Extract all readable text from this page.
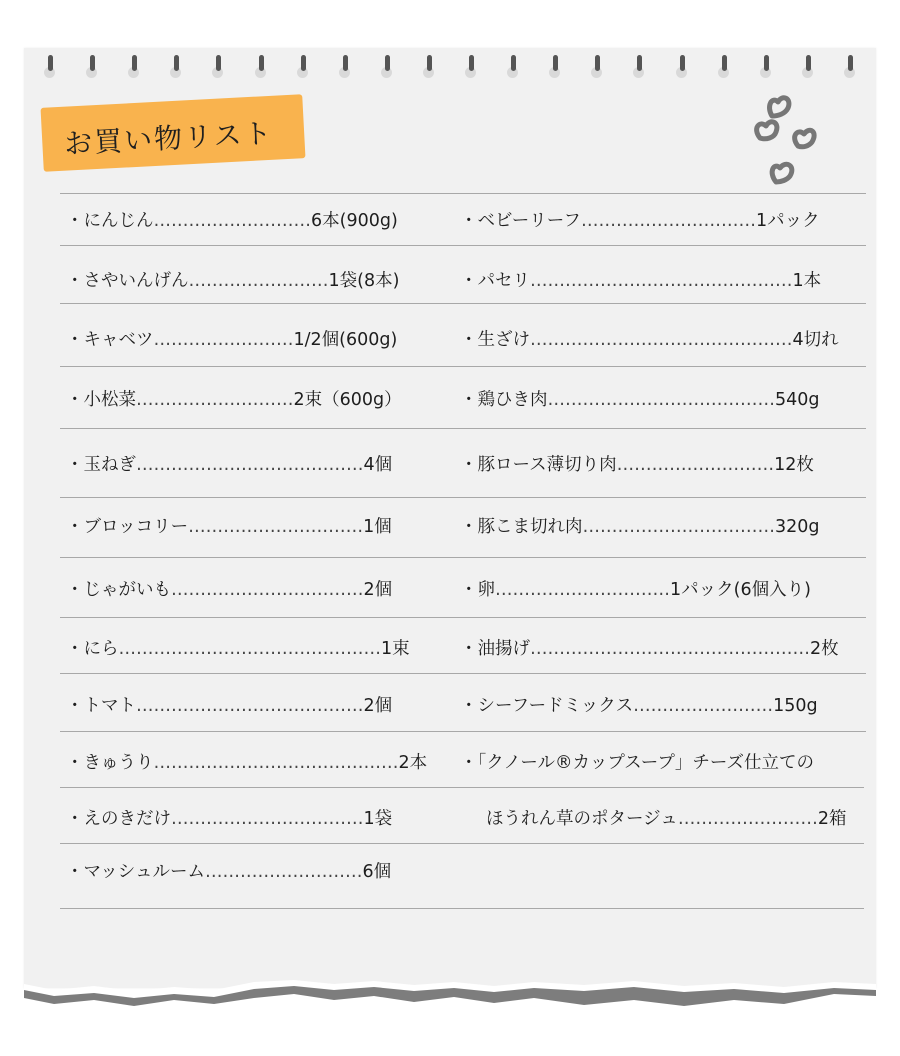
お買い物リスト
・にんじん ……………………… 6本(900g)
・さやいんげん …………………… 1袋(8本)
・キャベツ …………………… 1/2個(600g)
・小松菜 ……………………… 2束（600g）
・玉ねぎ ………………………………… 4個
・ブロッコリー ………………………… 1個
・じゃがいも …………………………… 2個
・にら ……………………………………… 1束
・トマト ………………………………… 2個
・きゅうり …………………………………… 2本
・えのきだけ …………………………… 1袋
・マッシュルーム ……………………… 6個
・ベビーリーフ ………………………… 1パック
・パセリ ……………………………………… 1本
・生ざけ ……………………………………… 4切れ
・鶏ひき肉 ………………………………… 540g
・豚ロース薄切り肉 ……………………… 12枚
・豚こま切れ肉 …………………………… 320g
・卵 ………………………… 1パック(6個入り)
・油揚げ ………………………………………… 2枚
・シーフードミックス …………………… 150g
・「クノール®カップスープ」チーズ仕立ての
ほうれん草のポタージュ …………………… 2箱
